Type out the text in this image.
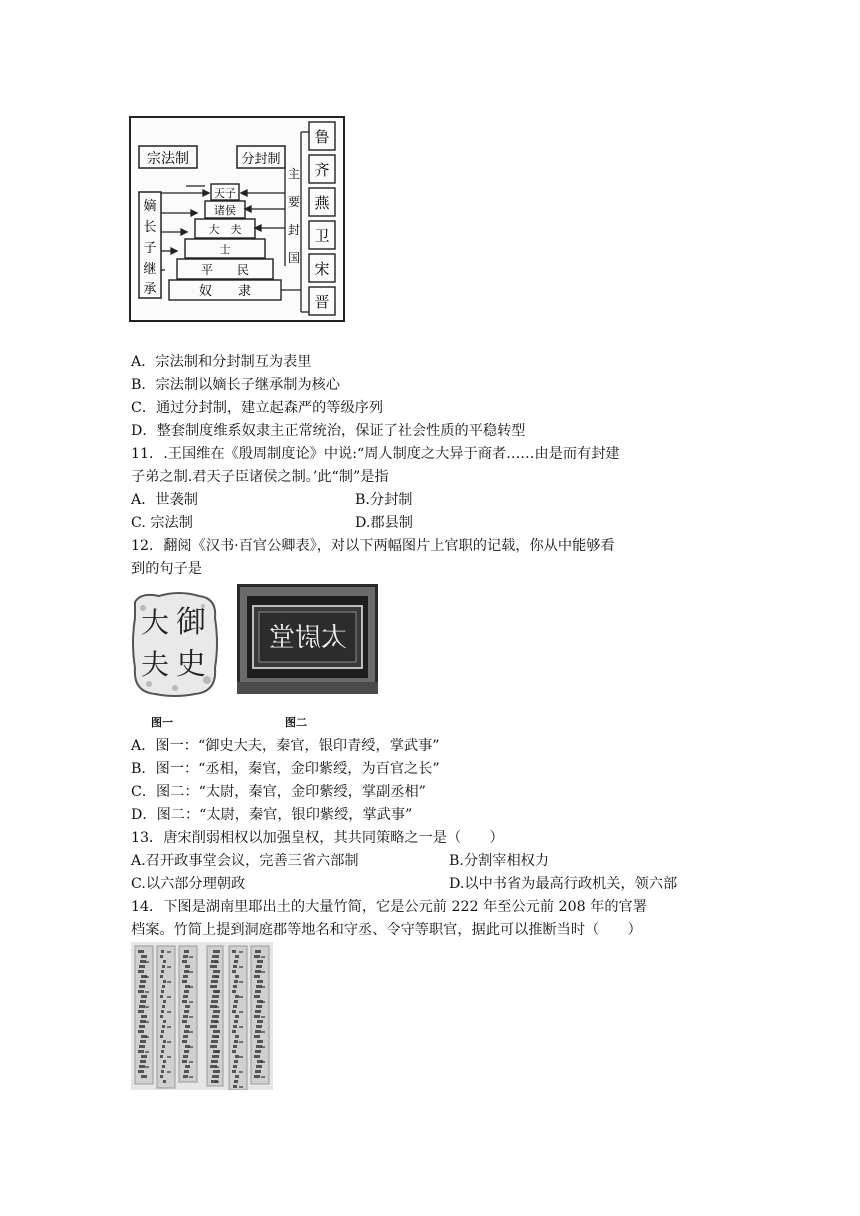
宗法制	分封制
嫡
长
子
继
承
天子
诸侯
大　夫
士
平　　民
奴　　隶
主
要
封
国
鲁
齐
燕
卫
宋
晋
A．宗法制和分封制互为表里
B．宗法制以嫡长子继承制为核心
C．通过分封制，建立起森严的等级序列
D．整套制度维系奴隶主正常统治，保证了社会性质的平稳转型
11．.王国维在《殷周制度论》中说:“周人制度之大异于商者……由是而有封建
子弟之制.君天子臣诸侯之制。’此“制”是指
A．世袭制	B.分封制
C. 宗法制	D.郡县制
12．翻阅《汉书·百官公卿表》，对以下两幅图片上官职的记载，你从中能够看
到的句子是
御
史
大
夫
太尉堂
图一	图二
A．图一：“御史大夫，秦官，银印青绶，掌武事”
B．图一：“丞相，秦官，金印紫绶，为百官之长”
C．图二：“太尉，秦官，金印紫绶，掌副丞相”
D．图二：“太尉，秦官，银印紫绶，掌武事”
13．唐宋削弱相权以加强皇权，其共同策略之一是（　　）
A.召开政事堂会议，完善三省六部制	B.分割宰相权力
C.以六部分理朝政	D.以中书省为最高行政机关，领六部
14．下图是湖南里耶出土的大量竹简，它是公元前 222 年至公元前 208 年的官署
档案。竹简上提到洞庭郡等地名和守丞、令守等职官，据此可以推断当时（　　）
